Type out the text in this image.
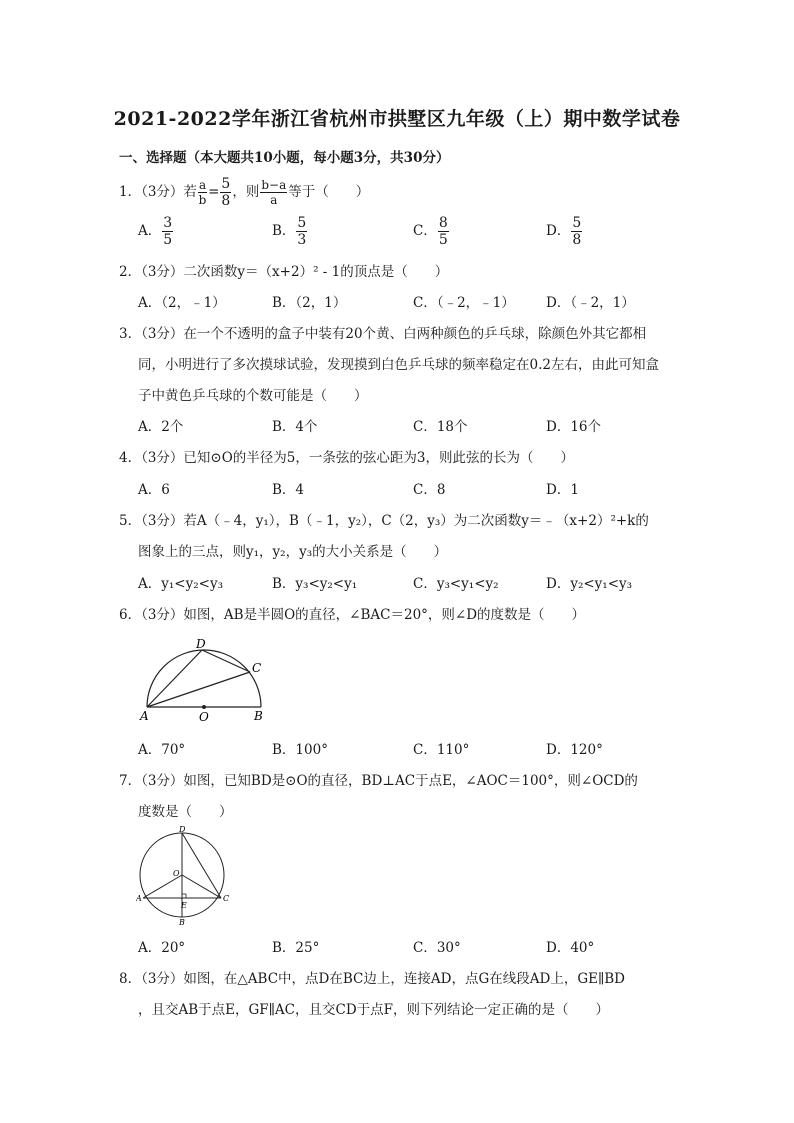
2021-2022学年浙江省杭州市拱墅区九年级（上）期中数学试卷
一、选择题（本大题共10小题，每小题3分，共30分）
1．（3分）若 $\frac{a}{b} = \frac{5}{8}$ ，则 $\frac{b-a}{a}$ 等于（　　）
A． $\frac{3}{5}$	B． $\frac{5}{3}$	C． $\frac{8}{5}$	D． $\frac{5}{8}$
2．（3分）二次函数y＝（x+2）² - 1的顶点是（　　）
A．（2，﹣1）	B．（2，1）	C．（﹣2，﹣1） D．（﹣2，1）
3．（3分）在一个不透明的盒子中装有20个黄、白两种颜色的乒乓球，除颜色外其它都相
同，小明进行了多次摸球试验，发现摸到白色乒乓球的频率稳定在0.2左右，由此可知盒
子中黄色乒乓球的个数可能是（　　）
A．2个	B．4个	C．18个	D．16个
4．（3分）已知⊙O的半径为5，一条弦的弦心距为3，则此弦的长为（　　）
A．6	B．4	C．8	D．1
5．（3分）若A（﹣4，y₁），B（﹣1，y₂），C（2，y₃）为二次函数y＝﹣（x+2）²+k的
图象上的三点，则y₁，y₂，y₃的大小关系是（　　）
A．y₁<y₂<y₃	B．y₃<y₂<y₁	C．y₃<y₁<y₂	D．y₂<y₁<y₃
6．（3分）如图，AB是半圆O的直径，∠BAC＝20°，则∠D的度数是（　　）
A	B
C
D
O
A．70°	B．100°	C．110°	D．120°
7．（3分）如图，已知BD是⊙O的直径，BD⊥AC于点E，∠AOC＝100°，则∠OCD的
度数是（　　）
D
O
A	C
E
B
A．20°	B．25°	C．30°	D．40°
8．（3分）如图，在△ABC中，点D在BC边上，连接AD，点G在线段AD上，GE∥BD
，且交AB于点E，GF∥AC，且交CD于点F，则下列结论一定正确的是（　　）
